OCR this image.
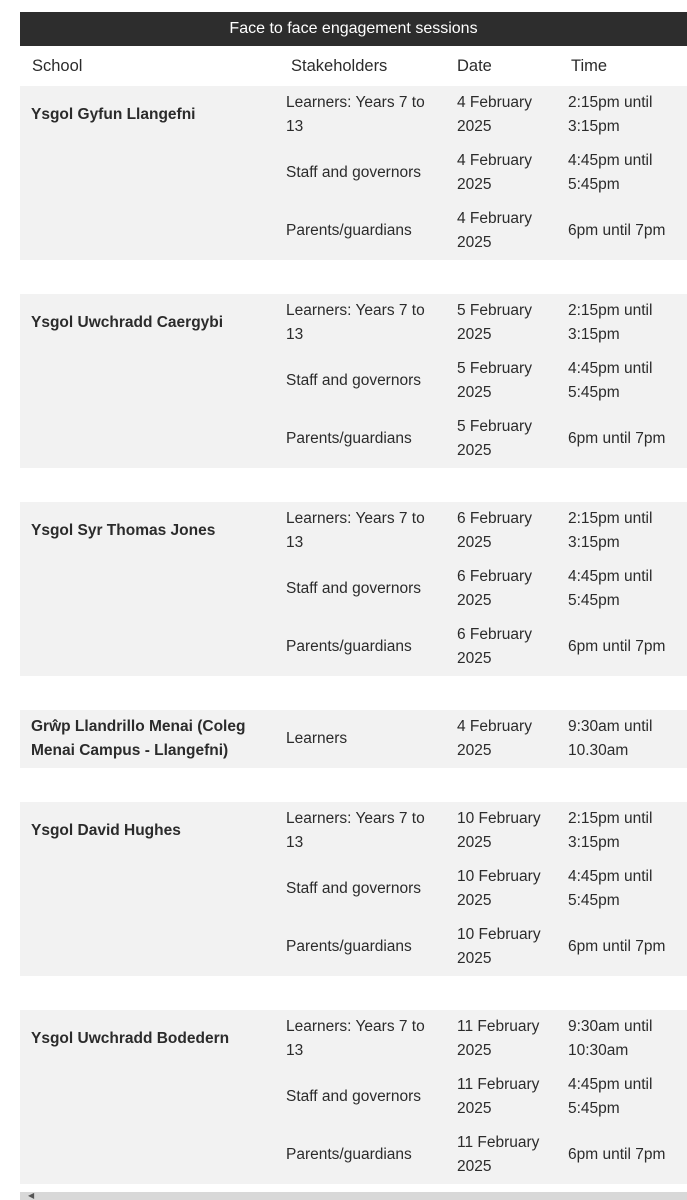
Face to face engagement sessions
School	Stakeholders	Date	Time
Ysgol Gyfun Llangefni	Learners: Years 7 to 13	4 February 2025	2:15pm until 3:15pm
	Staff and governors	4 February 2025	4:45pm until 5:45pm
	Parents/guardians	4 February 2025	6pm until 7pm

Ysgol Uwchradd Caergybi	Learners: Years 7 to 13	5 February 2025	2:15pm until 3:15pm
	Staff and governors	5 February 2025	4:45pm until 5:45pm
	Parents/guardians	5 February 2025	6pm until 7pm

Ysgol Syr Thomas Jones	Learners: Years 7 to 13	6 February 2025	2:15pm until 3:15pm
	Staff and governors	6 February 2025	4:45pm until 5:45pm
	Parents/guardians	6 February 2025	6pm until 7pm

Grŵp Llandrillo Menai (Coleg Menai Campus - Llangefni)	Learners	4 February 2025	9:30am until 10.30am

Ysgol David Hughes	Learners: Years 7 to 13	10 February 2025	2:15pm until 3:15pm
	Staff and governors	10 February 2025	4:45pm until 5:45pm
	Parents/guardians	10 February 2025	6pm until 7pm

Ysgol Uwchradd Bodedern	Learners: Years 7 to 13	11 February 2025	9:30am until 10:30am
	Staff and governors	11 February 2025	4:45pm until 5:45pm
	Parents/guardians	11 February 2025	6pm until 7pm
◀
